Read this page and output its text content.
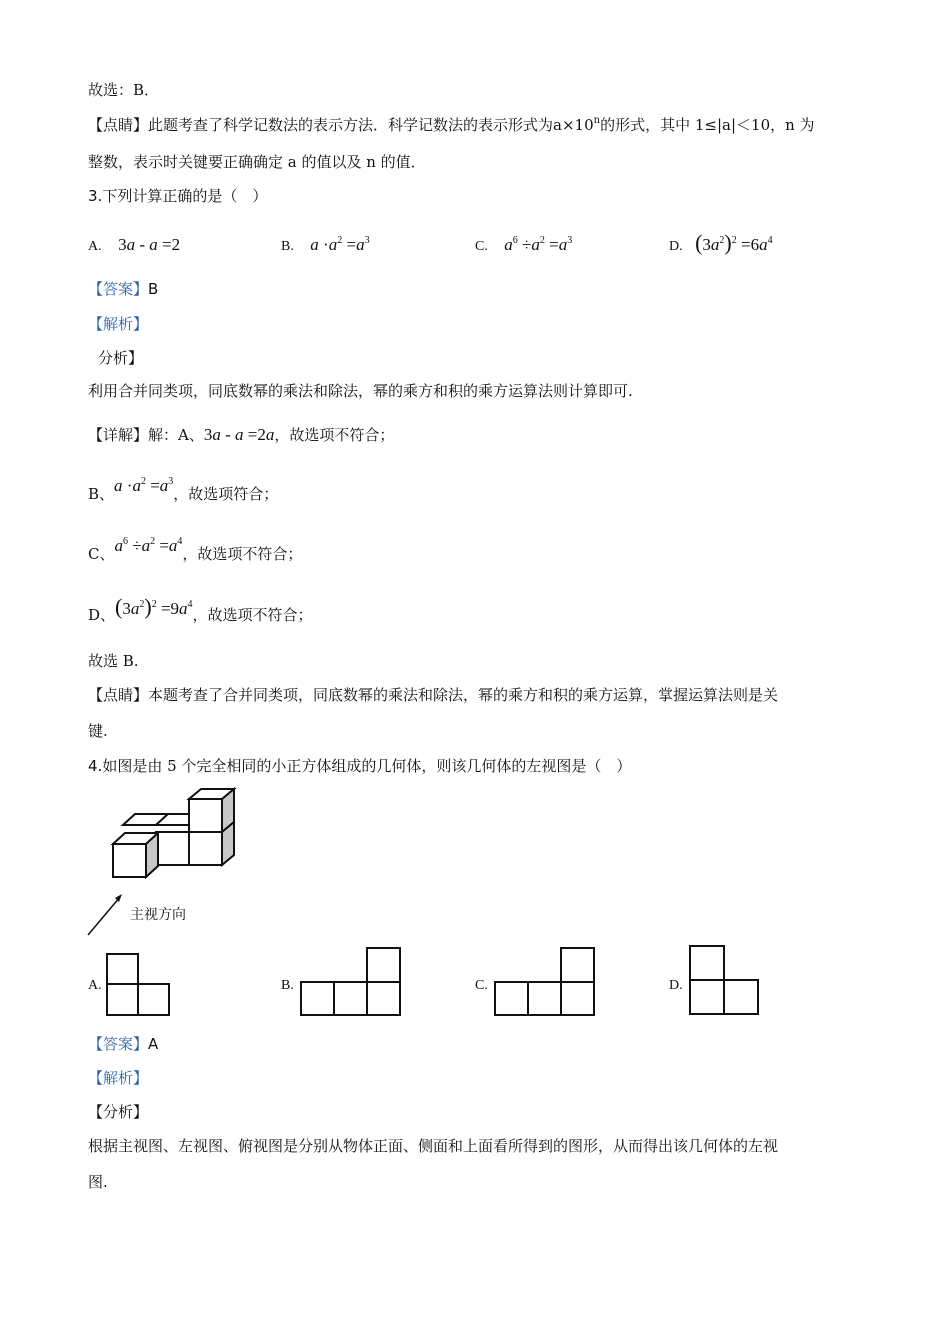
故选：B．
【点睛】此题考查了科学记数法的表示方法．科学记数法的表示形式为$a\times 10^n$的形式，其中 1≤|a|＜10，n 为
整数，表示时关键要正确确定 a 的值以及 n 的值．
3.下列计算正确的是（　）
A. 3a - a =2	B. $a \cdot a^2 =a^3$	C. $a^6 \div a^2 =a^3$	D. $(3a^2)^2 =6a^4$
【答案】B
【解析】
分析】
利用合并同类项，同底数幂的乘法和除法，幂的乘方和积的乘方运算法则计算即可.
【详解】解：A、3a - a =2a，故选项不符合；
B、$a \cdot a^2 =a^3$，故选项符合；
C、$a^6 \div a^2 =a^4$，故选项不符合；
D、$(3a^2)^2 =9a^4$，故选项不符合；
故选 B.
【点睛】本题考查了合并同类项，同底数幂的乘法和除法，幂的乘方和积的乘方运算，掌握运算法则是关
键.
4.如图是由 5 个完全相同的小正方体组成的几何体，则该几何体的左视图是（　）
主视方向
A.	B.	C.	D.
【答案】A
【解析】
【分析】
根据主视图、左视图、俯视图是分别从物体正面、侧面和上面看所得到的图形，从而得出该几何体的左视
图.
